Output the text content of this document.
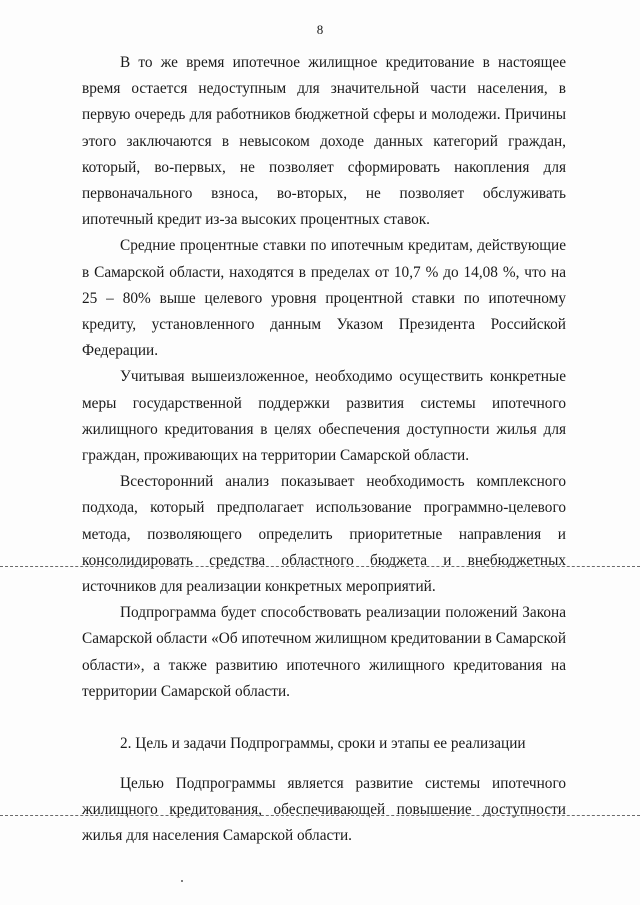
8

В то же время ипотечное жилищное кредитование в настоящее время остается недоступным для значительной части населения, в первую очередь для работников бюджетной сферы и молодежи. Причины этого заключаются в невысоком доходе данных категорий граждан, который, во-первых, не позволяет сформировать накопления для первоначального взноса, во-вторых, не позволяет обслуживать ипотечный кредит из-за высоких процентных ставок.

Средние процентные ставки по ипотечным кредитам, действующие в Самарской области, находятся в пределах от 10,7 % до 14,08 %, что на 25 – 80% выше целевого уровня процентной ставки по ипотечному кредиту, установленного данным Указом Президента Российской Федерации.

Учитывая вышеизложенное, необходимо осуществить конкретные меры государственной поддержки развития системы ипотечного жилищного кредитования в целях обеспечения доступности жилья для граждан, проживающих на территории Самарской области.

Всесторонний анализ показывает необходимость комплексного подхода, который предполагает использование программно-целевого метода, позволяющего определить приоритетные направления и консолидировать средства областного бюджета и внебюджетных источников для реализации конкретных мероприятий.

Подпрограмма будет способствовать реализации положений Закона Самарской области «Об ипотечном жилищном кредитовании в Самарской области», а также развитию ипотечного жилищного кредитования на территории Самарской области.

2. Цель и задачи Подпрограммы, сроки и этапы ее реализации

Целью Подпрограммы является развитие системы ипотечного жилищного кредитования, обеспечивающей повышение доступности жилья для населения Самарской области.
